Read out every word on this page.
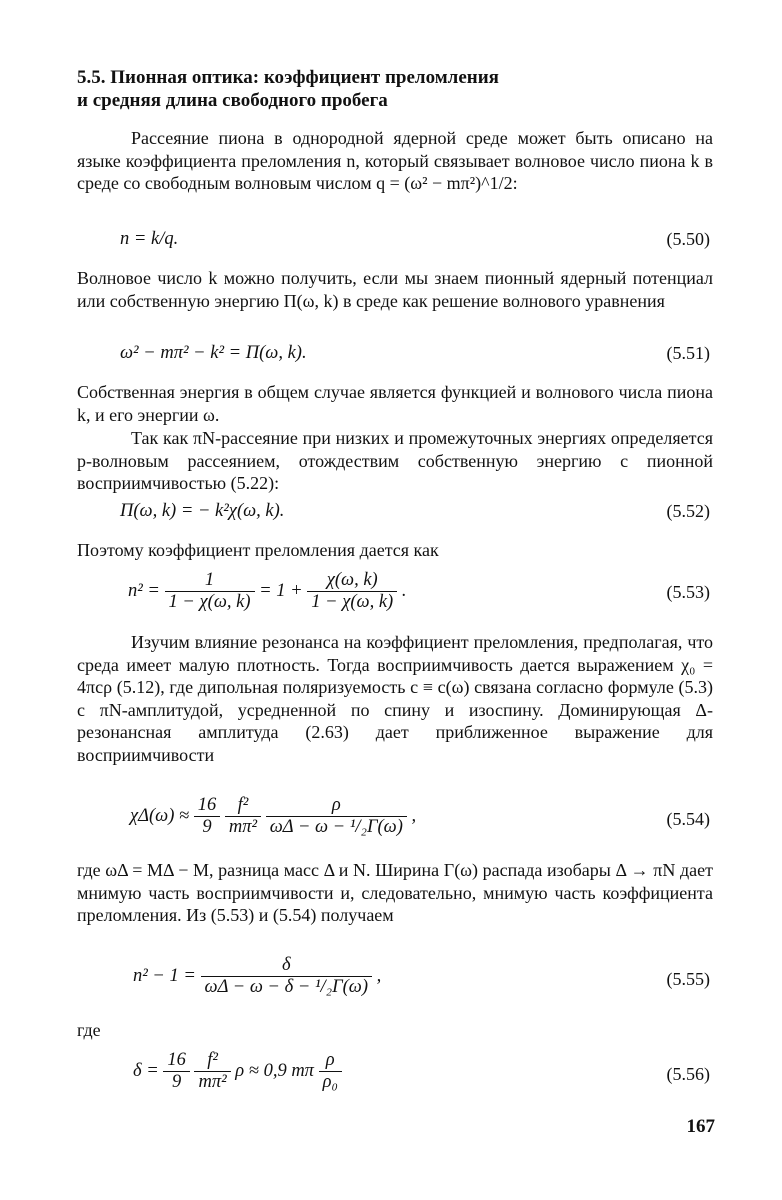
5.5. Пионная оптика: коэффициент преломления
и средняя длина свободного пробега
Рассеяние пиона в однородной ядерной среде может быть описано на языке коэффициента преломления n, который связывает волновое число пиона k в среде со свободным волновым числом q = (ω² − mπ²)^1/2:
n = k/q.	(5.50)
Волновое число k можно получить, если мы знаем пионный ядерный потенциал или собственную энергию Π(ω, k) в среде как решение волнового уравнения
ω² − mπ² − k² = Π(ω, k).	(5.51)
Собственная энергия в общем случае является функцией и волнового числа пиона k, и его энергии ω.
Так как πN-рассеяние при низких и промежуточных энергиях определяется p-волновым рассеянием, отождествим собственную энергию с пионной восприимчивостью (5.22):
Π(ω, k) = − k²χ(ω, k).	(5.52)
Поэтому коэффициент преломления дается как
$n^2 = \frac{1}{1 - \chi(\omega, k)} = 1 + \frac{\chi(\omega, k)}{1 - \chi(\omega, k)}$ .	(5.53)
Изучим влияние резонанса на коэффициент преломления, предполагая, что среда имеет малую плотность. Тогда восприимчивость дается выражением χ₀ = 4πcρ (5.12), где дипольная поляризуемость c ≡ c(ω) связана согласно формуле (5.3) с πN-амплитудой, усредненной по спину и изоспину. Доминирующая Δ-резонансная амплитуда (2.63) дает приближенное выражение для восприимчивости
$\chi\Delta(\omega) \approx \frac{16}{9}$
$\frac{\text{f²}}{\text{mπ²}}$
$\frac{\rho}{\text{ωΔ − ω − ¹/₂Γ(ω)}}$ ,	(5.54)
где ωΔ = MΔ − M, разница масс Δ и N. Ширина Γ(ω) распада изобары Δ → πN дает мнимую часть восприимчивости и, следовательно, мнимую часть коэффициента преломления. Из (5.53) и (5.54) получаем
$n^2 - 1 = \frac{\delta}{\text{ωΔ − ω − δ − ¹/₂Γ(ω)}}$ ,	(5.55)
где
$\delta = \frac{16}{9}$
$\frac{\text{f²}}{\text{mπ²}}$ ρ ≈ 0,9 mπ $\frac{\rho}{\text{ρ₀}}$	(5.56)
167
